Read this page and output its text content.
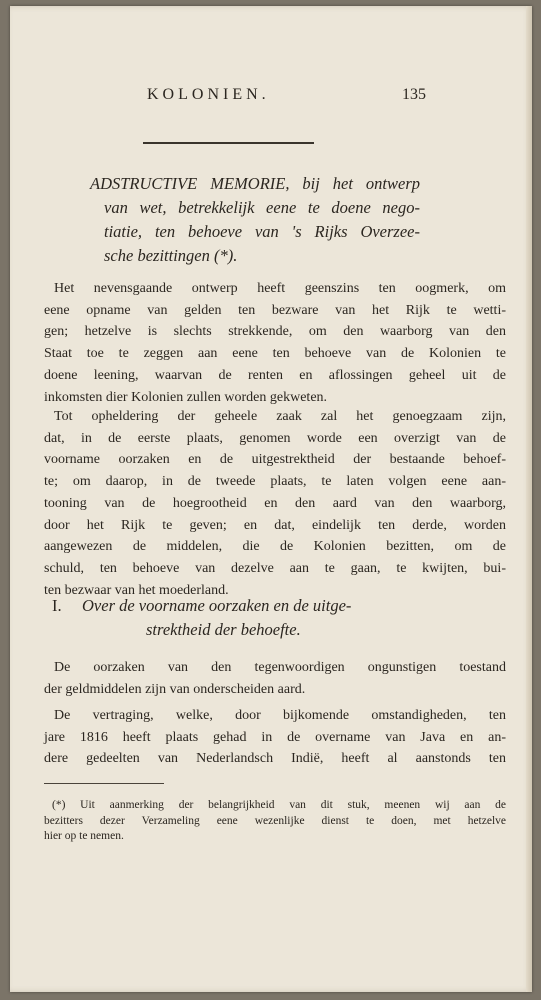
KOLONIEN.	135
ADSTRUCTIVE MEMORIE, bij het ontwerp
van wet, betrekkelijk eene te doene nego-
tiatie, ten behoeve van 's Rijks Overzee-
sche bezittingen (*).
Het nevensgaande ontwerp heeft geenszins ten oogmerk, om
eene opname van gelden ten bezware van het Rijk te wetti-
gen; hetzelve is slechts strekkende, om den waarborg van den
Staat toe te zeggen aan eene ten behoeve van de Kolonien te
doene leening, waarvan de renten en aflossingen geheel uit de
inkomsten dier Kolonien zullen worden gekweten.
Tot opheldering der geheele zaak zal het genoegzaam zijn,
dat, in de eerste plaats, genomen worde een overzigt van de
voorname oorzaken en de uitgestrektheid der bestaande behoef-
te; om daarop, in de tweede plaats, te laten volgen eene aan-
tooning van de hoegrootheid en den aard van den waarborg,
door het Rijk te geven; en dat, eindelijk ten derde, worden
aangewezen de middelen, die de Kolonien bezitten, om de
schuld, ten behoeve van dezelve aan te gaan, te kwijten, bui-
ten bezwaar van het moederland.
I. Over de voorname oorzaken en de uitge-
strektheid der behoefte.
De oorzaken van den tegenwoordigen ongunstigen toestand
der geldmiddelen zijn van onderscheiden aard.
De vertraging, welke, door bijkomende omstandigheden, ten
jare 1816 heeft plaats gehad in de overname van Java en an-
dere gedeelten van Nederlandsch Indië, heeft al aanstonds ten
(*) Uit aanmerking der belangrijkheid van dit stuk, meenen wij aan de
bezitters dezer Verzameling eene wezenlijke dienst te doen, met hetzelve
hier op te nemen.
